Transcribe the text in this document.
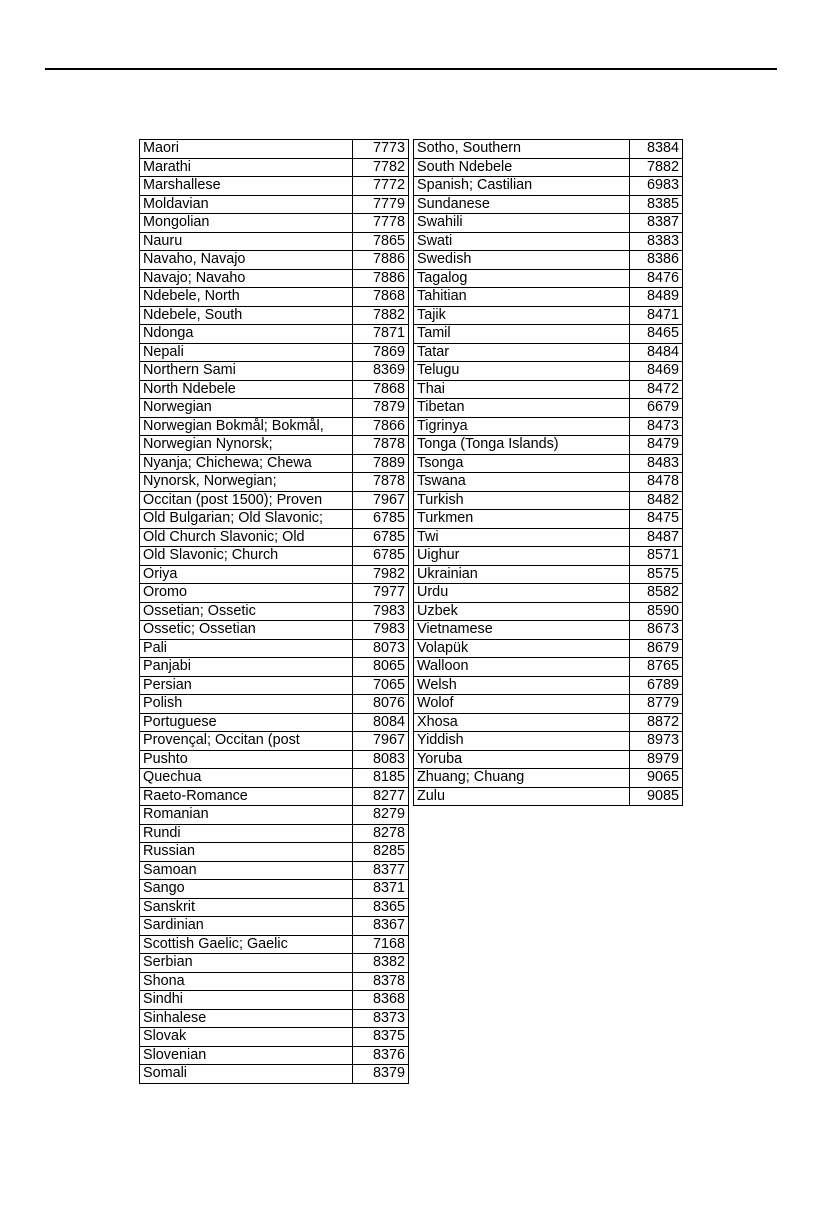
Maori	7773
Marathi	7782
Marshallese	7772
Moldavian	7779
Mongolian	7778
Nauru	7865
Navaho, Navajo	7886
Navajo; Navaho	7886
Ndebele, North	7868
Ndebele, South	7882
Ndonga	7871
Nepali	7869
Northern Sami	8369
North Ndebele	7868
Norwegian	7879
Norwegian Bokmål; Bokmål,	7866
Norwegian Nynorsk;	7878
Nyanja; Chichewa; Chewa	7889
Nynorsk, Norwegian;	7878
Occitan (post 1500); Proven	7967
Old Bulgarian; Old Slavonic;	6785
Old Church Slavonic; Old	6785
Old Slavonic; Church	6785
Oriya	7982
Oromo	7977
Ossetian; Ossetic	7983
Ossetic; Ossetian	7983
Pali	8073
Panjabi	8065
Persian	7065
Polish	8076
Portuguese	8084
Provençal; Occitan (post	7967
Pushto	8083
Quechua	8185
Raeto-Romance	8277
Romanian	8279
Rundi	8278
Russian	8285
Samoan	8377
Sango	8371
Sanskrit	8365
Sardinian	8367
Scottish Gaelic; Gaelic	7168
Serbian	8382
Shona	8378
Sindhi	8368
Sinhalese	8373
Slovak	8375
Slovenian	8376
Somali	8379
Sotho, Southern	8384
South Ndebele	7882
Spanish; Castilian	6983
Sundanese	8385
Swahili	8387
Swati	8383
Swedish	8386
Tagalog	8476
Tahitian	8489
Tajik	8471
Tamil	8465
Tatar	8484
Telugu	8469
Thai	8472
Tibetan	6679
Tigrinya	8473
Tonga (Tonga Islands)	8479
Tsonga	8483
Tswana	8478
Turkish	8482
Turkmen	8475
Twi	8487
Uighur	8571
Ukrainian	8575
Urdu	8582
Uzbek	8590
Vietnamese	8673
Volapük	8679
Walloon	8765
Welsh	6789
Wolof	8779
Xhosa	8872
Yiddish	8973
Yoruba	8979
Zhuang; Chuang	9065
Zulu	9085
